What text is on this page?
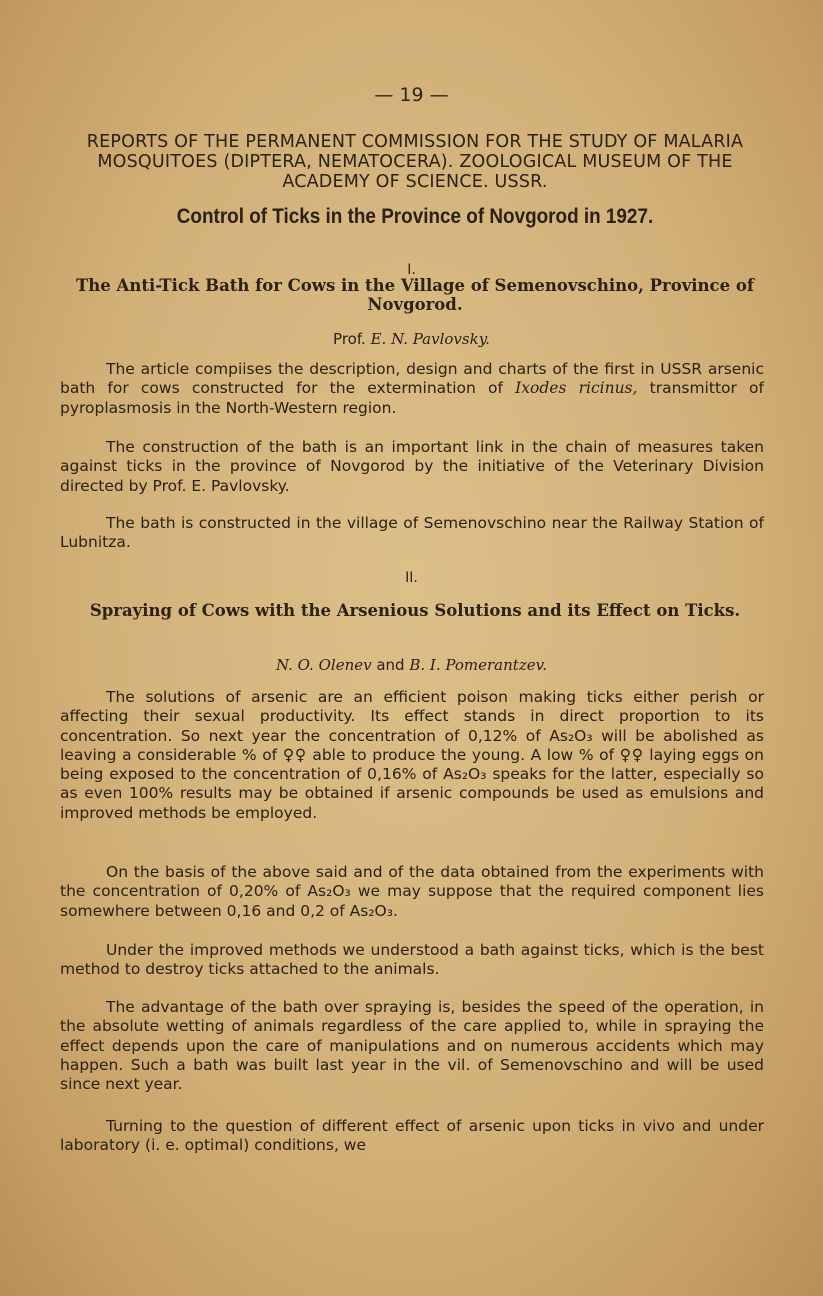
— 19 —
REPORTS OF THE PERMANENT COMMISSION FOR THE STUDY OF MALARIA MOSQUITOES (DIPTERA, NEMATOCERA). ZOOLOGICAL MUSEUM OF THE ACADEMY OF SCIENCE. USSR.
Control of Ticks in the Province of Novgorod in 1927.
I.
The Anti-Tick Bath for Cows in the Village of Semenovschino, Province of Novgorod.
Prof. E. N. Pavlovsky.

The article compiises the description, design and charts of the first in USSR arsenic bath for cows constructed for the extermination of Ixodes ricinus, transmittor of pyroplasmosis in the North-Western region.

The construction of the bath is an important link in the chain of measures taken against ticks in the province of Novgorod by the initiative of the Veterinary Division directed by Prof. E. Pavlovsky.

The bath is constructed in the village of Semenovschino near the Railway Station of Lubnitza.

II.
Spraying of Cows with the Arsenious Solutions and its Effect on Ticks.
N. O. Olenev and B. I. Pomerantzev.

The solutions of arsenic are an efficient poison making ticks either perish or affecting their sexual productivity. Its effect stands in direct proportion to its concentration. So next year the concentration of 0,12% of As₂O₃ will be abolished as leaving a considerable % of ♀♀ able to produce the young. A low % of ♀♀ laying eggs on being exposed to the concentration of 0,16% of As₂O₃ speaks for the latter, especially so as even 100% results may be obtained if arsenic compounds be used as emulsions and improved methods be employed.

On the basis of the above said and of the data obtained from the experiments with the concentration of 0,20% of As₂O₃ we may suppose that the required component lies somewhere between 0,16 and 0,2 of As₂O₃.

Under the improved methods we understood a bath against ticks, which is the best method to destroy ticks attached to the animals.

The advantage of the bath over spraying is, besides the speed of the operation, in the absolute wetting of animals regardless of the care applied to, while in spraying the effect depends upon the care of manipulations and on numerous accidents which may happen. Such a bath was built last year in the vil. of Semenovschino and will be used since next year.

Turning to the question of different effect of arsenic upon ticks in vivo and under laboratory (i. e. optimal) conditions, we
